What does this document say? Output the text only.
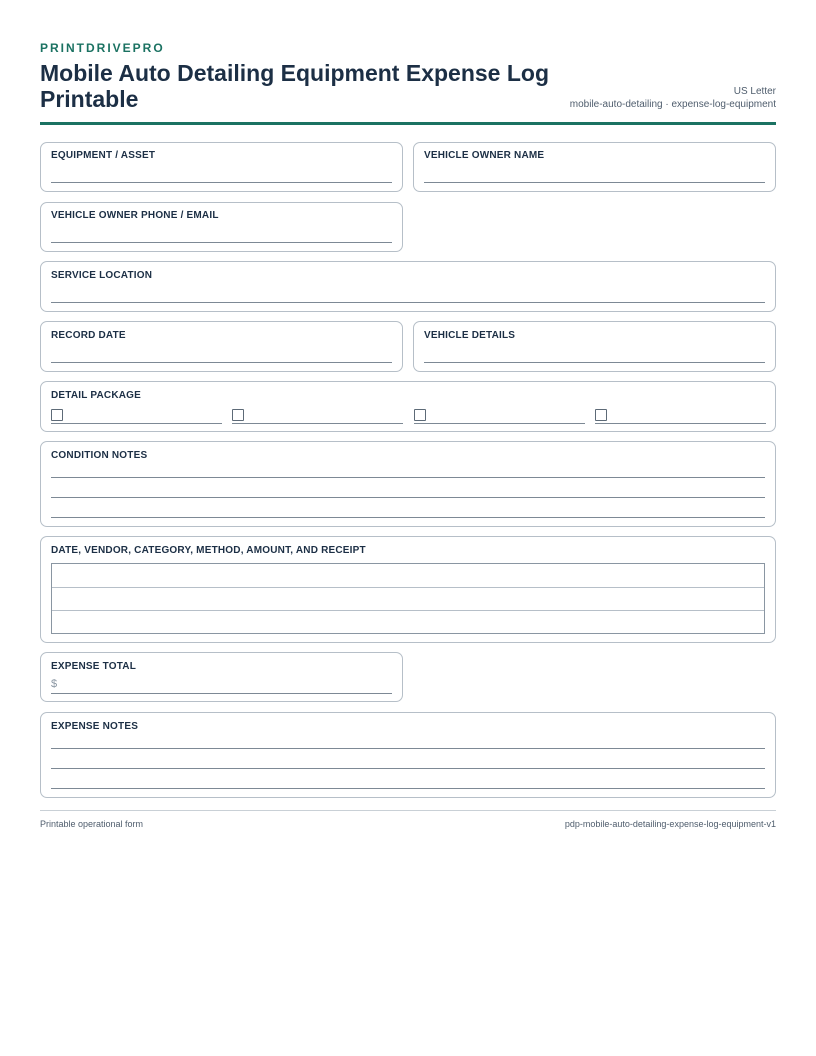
PRINTDRIVEPRO
Mobile Auto Detailing Equipment Expense Log Printable	US Letter
mobile-auto-detailing · expense-log-equipment
EQUIPMENT / ASSET	VEHICLE OWNER NAME
VEHICLE OWNER PHONE / EMAIL
SERVICE LOCATION
RECORD DATE	VEHICLE DETAILS
DETAIL PACKAGE
CONDITION NOTES
DATE, VENDOR, CATEGORY, METHOD, AMOUNT, AND RECEIPT
EXPENSE TOTAL
$
EXPENSE NOTES
Printable operational form	pdp-mobile-auto-detailing-expense-log-equipment-v1
